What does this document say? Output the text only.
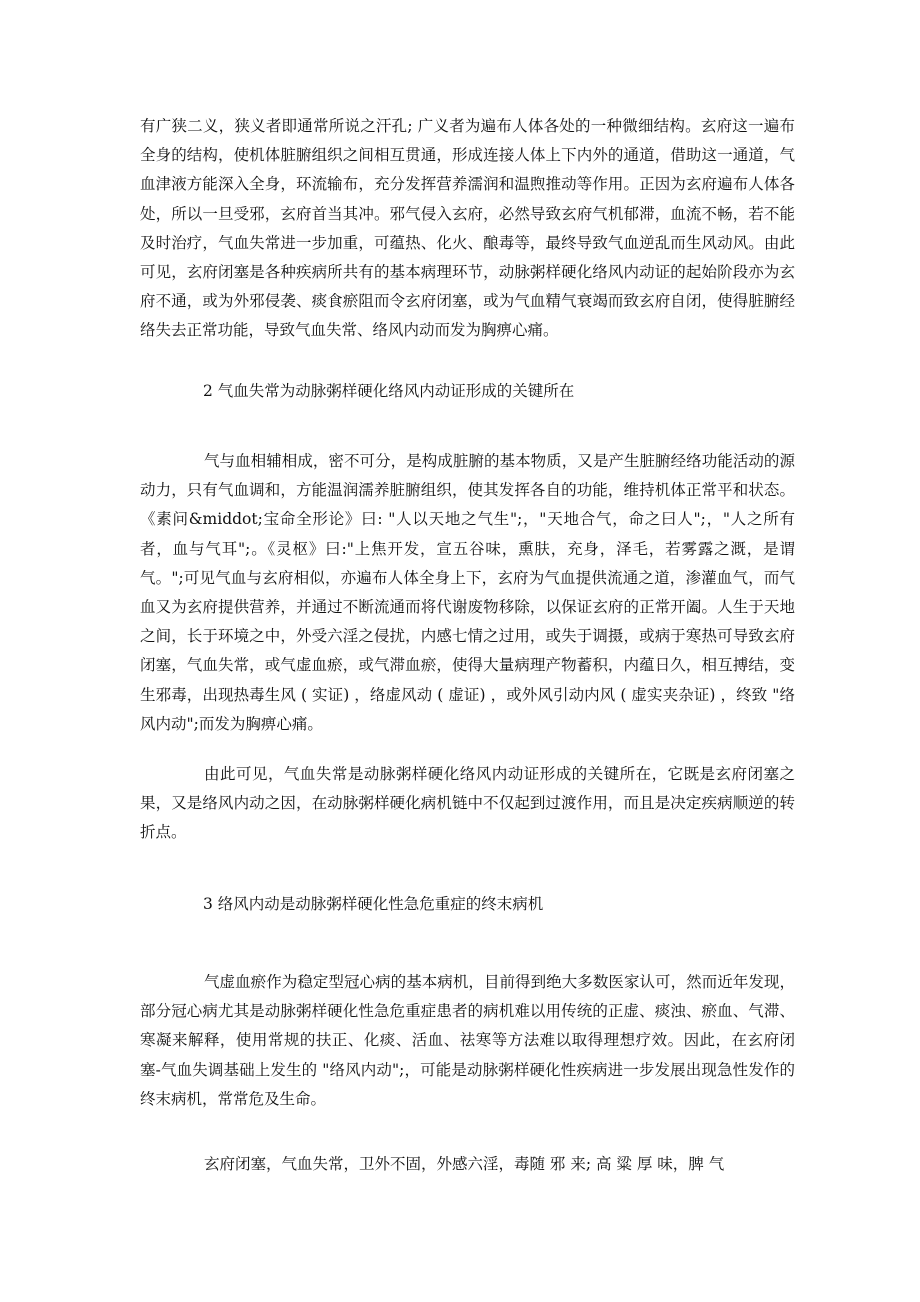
有广狭二义，狭义者即通常所说之汗孔; 广义者为遍布人体各处的一种微细结构。玄府这一遍布全身的结构，使机体脏腑组织之间相互贯通，形成连接人体上下内外的通道，借助这一通道，气血津液方能深入全身，环流输布，充分发挥营养濡润和温煦推动等作用。正因为玄府遍布人体各处，所以一旦受邪，玄府首当其冲。邪气侵入玄府，必然导致玄府气机郁滞，血流不畅，若不能及时治疗，气血失常进一步加重，可蕴热、化火、酿毒等，最终导致气血逆乱而生风动风。由此可见，玄府闭塞是各种疾病所共有的基本病理环节，动脉粥样硬化络风内动证的起始阶段亦为玄府不通，或为外邪侵袭、痰食瘀阻而令玄府闭塞，或为气血精气衰竭而致玄府自闭，使得脏腑经络失去正常功能，导致气血失常、络风内动而发为胸痹心痛。

2 气血失常为动脉粥样硬化络风内动证形成的关键所在

气与血相辅相成，密不可分，是构成脏腑的基本物质，又是产生脏腑经络功能活动的源动力，只有气血调和，方能温润濡养脏腑组织，使其发挥各自的功能，维持机体正常平和状态。《素问&middot;宝命全形论》曰: "人以天地之气生";，"天地合气，命之曰人";，"人之所有者，血与气耳";。《灵枢》曰:"上焦开发，宣五谷味，熏肤，充身，泽毛，若雾露之溉，是谓气。";可见气血与玄府相似，亦遍布人体全身上下，玄府为气血提供流通之道，渗灌血气，而气血又为玄府提供营养，并通过不断流通而将代谢废物移除，以保证玄府的正常开阖。人生于天地之间，长于环境之中，外受六淫之侵扰，内感七情之过用，或失于调摄，或病于寒热可导致玄府闭塞，气血失常，或气虚血瘀，或气滞血瘀，使得大量病理产物蓄积，内蕴日久，相互搏结，变生邪毒，出现热毒生风 ( 实证) ，络虚风动 ( 虚证) ，或外风引动内风 ( 虚实夹杂证) ，终致 "络风内动";而发为胸痹心痛。

由此可见，气血失常是动脉粥样硬化络风内动证形成的关键所在，它既是玄府闭塞之果，又是络风内动之因，在动脉粥样硬化病机链中不仅起到过渡作用，而且是决定疾病顺逆的转折点。

3 络风内动是动脉粥样硬化性急危重症的终末病机

气虚血瘀作为稳定型冠心病的基本病机，目前得到绝大多数医家认可，然而近年发现，部分冠心病尤其是动脉粥样硬化性急危重症患者的病机难以用传统的正虚、痰浊、瘀血、气滞、寒凝来解释，使用常规的扶正、化痰、活血、祛寒等方法难以取得理想疗效。因此，在玄府闭塞-气血失调基础上发生的 "络风内动";，可能是动脉粥样硬化性疾病进一步发展出现急性发作的终末病机，常常危及生命。

玄府闭塞，气血失常，卫外不固，外感六淫，毒随 邪 来; 高 粱 厚 味，脾 气
